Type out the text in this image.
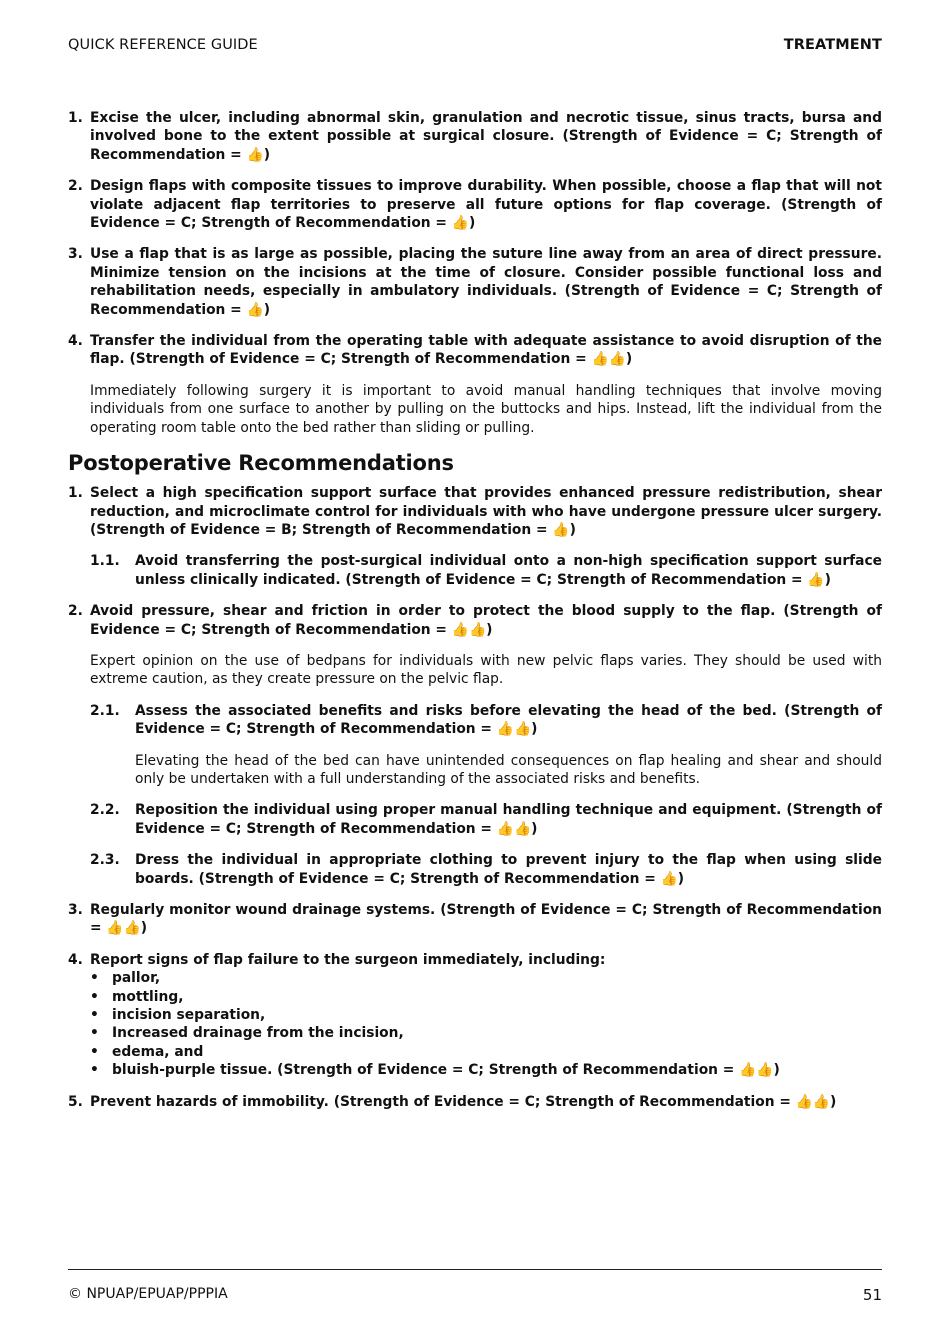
QUICK REFERENCE GUIDE	TREATMENT
1. Excise the ulcer, including abnormal skin, granulation and necrotic tissue, sinus tracts, bursa and involved bone to the extent possible at surgical closure. (Strength of Evidence = C; Strength of Recommendation = 👍)
2. Design flaps with composite tissues to improve durability. When possible, choose a flap that will not violate adjacent flap territories to preserve all future options for flap coverage. (Strength of Evidence = C; Strength of Recommendation = 👍)
3. Use a flap that is as large as possible, placing the suture line away from an area of direct pressure. Minimize tension on the incisions at the time of closure. Consider possible functional loss and rehabilitation needs, especially in ambulatory individuals. (Strength of Evidence = C; Strength of Recommendation = 👍)
4. Transfer the individual from the operating table with adequate assistance to avoid disruption of the flap. (Strength of Evidence = C; Strength of Recommendation = 👍👍)

Immediately following surgery it is important to avoid manual handling techniques that involve moving individuals from one surface to another by pulling on the buttocks and hips. Instead, lift the individual from the operating room table onto the bed rather than sliding or pulling.

Postoperative Recommendations
1. Select a high specification support surface that provides enhanced pressure redistribution, shear reduction, and microclimate control for individuals with who have undergone pressure ulcer surgery. (Strength of Evidence = B; Strength of Recommendation = 👍)
1.1.	Avoid transferring the post-surgical individual onto a non-high specification support surface unless clinically indicated. (Strength of Evidence = C; Strength of Recommendation = 👍)
2. Avoid pressure, shear and friction in order to protect the blood supply to the flap. (Strength of Evidence = C; Strength of Recommendation = 👍👍)

Expert opinion on the use of bedpans for individuals with new pelvic flaps varies. They should be used with extreme caution, as they create pressure on the pelvic flap.

2.1.	Assess the associated benefits and risks before elevating the head of the bed. (Strength of Evidence = C; Strength of Recommendation = 👍👍)

Elevating the head of the bed can have unintended consequences on flap healing and shear and should only be undertaken with a full understanding of the associated risks and benefits.

2.2.	Reposition the individual using proper manual handling technique and equipment. (Strength of Evidence = C; Strength of Recommendation = 👍👍)
2.3.	Dress the individual in appropriate clothing to prevent injury to the flap when using slide boards. (Strength of Evidence = C; Strength of Recommendation = 👍)
3. Regularly monitor wound drainage systems. (Strength of Evidence = C; Strength of Recommendation = 👍👍)
4. Report signs of flap failure to the surgeon immediately, including:
• pallor,
• mottling,
• incision separation,
• Increased drainage from the incision,
• edema, and
• bluish-purple tissue. (Strength of Evidence = C; Strength of Recommendation = 👍👍)
5. Prevent hazards of immobility. (Strength of Evidence = C; Strength of Recommendation = 👍👍)
© NPUAP/EPUAP/PPPIA	51
